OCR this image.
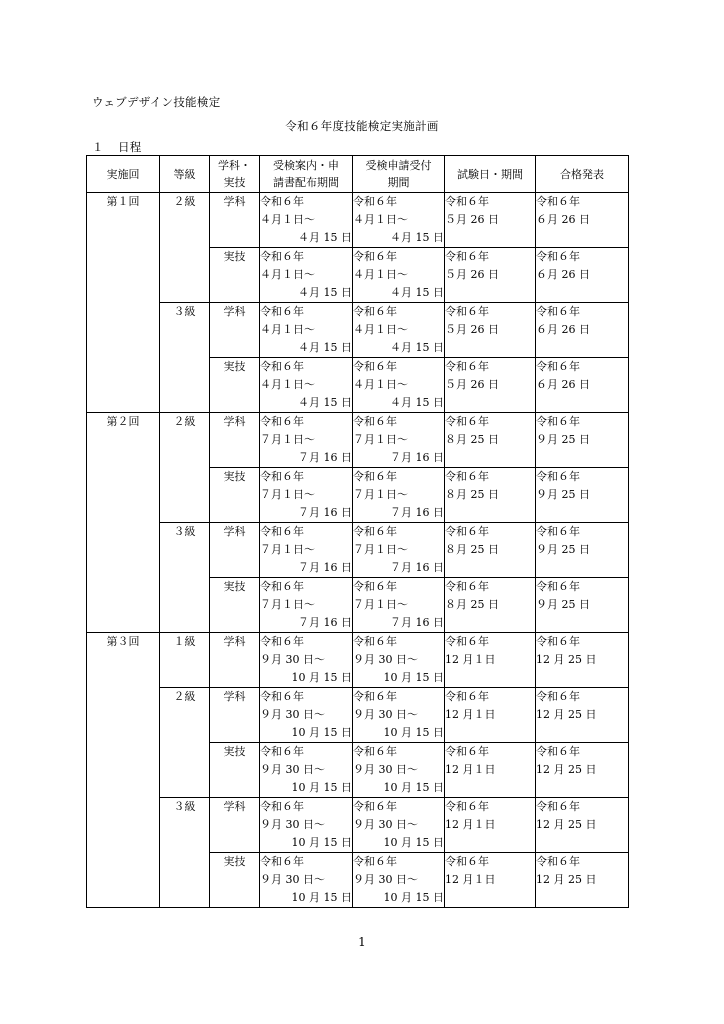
ウェブデザイン技能検定
令和６年度技能検定実施計画
１ 日程
実施回	等級	学科・
実技	受検案内・申
請書配布期間	受検申請受付
期間	試験日・期間	合格発表
第１回	２級	学科	令和６年
４月１日～
４月 15 日	令和６年
４月１日～
４月 15 日	令和６年
５月 26 日	令和６年
６月 26 日

		実技	令和６年
４月１日～
４月 15 日	令和６年
４月１日～
４月 15 日	令和６年
５月 26 日	令和６年
６月 26 日

	３級	学科	令和６年
４月１日～
４月 15 日	令和６年
４月１日～
４月 15 日	令和６年
５月 26 日	令和６年
６月 26 日

		実技	令和６年
４月１日～
４月 15 日	令和６年
４月１日～
４月 15 日	令和６年
５月 26 日	令和６年
６月 26 日

第２回	２級	学科	令和６年
７月１日～
７月 16 日	令和６年
７月１日～
７月 16 日	令和６年
８月 25 日	令和６年
９月 25 日

		実技	令和６年
７月１日～
７月 16 日	令和６年
７月１日～
７月 16 日	令和６年
８月 25 日	令和６年
９月 25 日

	３級	学科	令和６年
７月１日～
７月 16 日	令和６年
７月１日～
７月 16 日	令和６年
８月 25 日	令和６年
９月 25 日

		実技	令和６年
７月１日～
７月 16 日	令和６年
７月１日～
７月 16 日	令和６年
８月 25 日	令和６年
９月 25 日

第３回	１級	学科	令和６年
９月 30 日～
10 月 15 日	令和６年
９月 30 日～
10 月 15 日	令和６年
12 月１日	令和６年
12 月 25 日

	２級	学科	令和６年
９月 30 日～
10 月 15 日	令和６年
９月 30 日～
10 月 15 日	令和６年
12 月１日	令和６年
12 月 25 日

		実技	令和６年
９月 30 日～
10 月 15 日	令和６年
９月 30 日～
10 月 15 日	令和６年
12 月１日	令和６年
12 月 25 日

	３級	学科	令和６年
９月 30 日～
10 月 15 日	令和６年
９月 30 日～
10 月 15 日	令和６年
12 月１日	令和６年
12 月 25 日

		実技	令和６年
９月 30 日～
10 月 15 日	令和６年
９月 30 日～
10 月 15 日	令和６年
12 月１日	令和６年
12 月 25 日
1
